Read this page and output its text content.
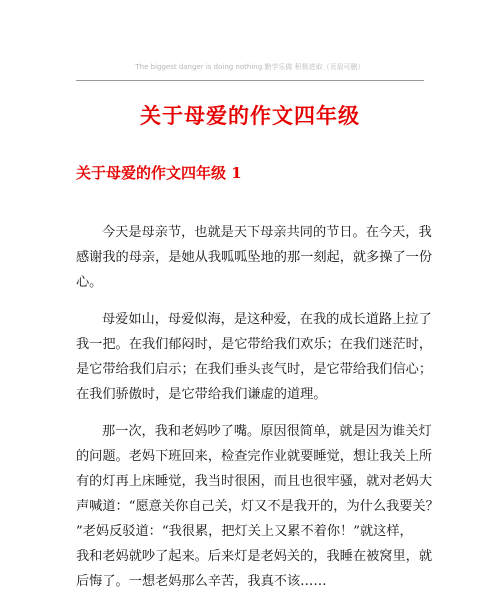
The biggest danger is doing nothing 勤学乐做 积极进取（页眉可删）
关于母爱的作文四年级
关于母爱的作文四年级 1
今天是母亲节，也就是天下母亲共同的节日。在今天，我
感谢我的母亲，是她从我呱呱坠地的那一刻起，就多操了一份
心。
母爱如山，母爱似海，是这种爱，在我的成长道路上拉了
我一把。在我们郁闷时，是它带给我们欢乐；在我们迷茫时，
是它带给我们启示；在我们垂头丧气时，是它带给我们信心；
在我们骄傲时，是它带给我们谦虚的道理。
那一次，我和老妈吵了嘴。原因很简单，就是因为谁关灯
的问题。老妈下班回来，检查完作业就要睡觉，想让我关上所
有的灯再上床睡觉，我当时很困，而且也很牢骚，就对老妈大
声喊道：“愿意关你自己关，灯又不是我开的，为什么我要关？
”老妈反驳道：“我很累，把灯关上又累不着你！”就这样，
我和老妈就吵了起来。后来灯是老妈关的，我睡在被窝里，就
后悔了。一想老妈那么辛苦，我真不该……
